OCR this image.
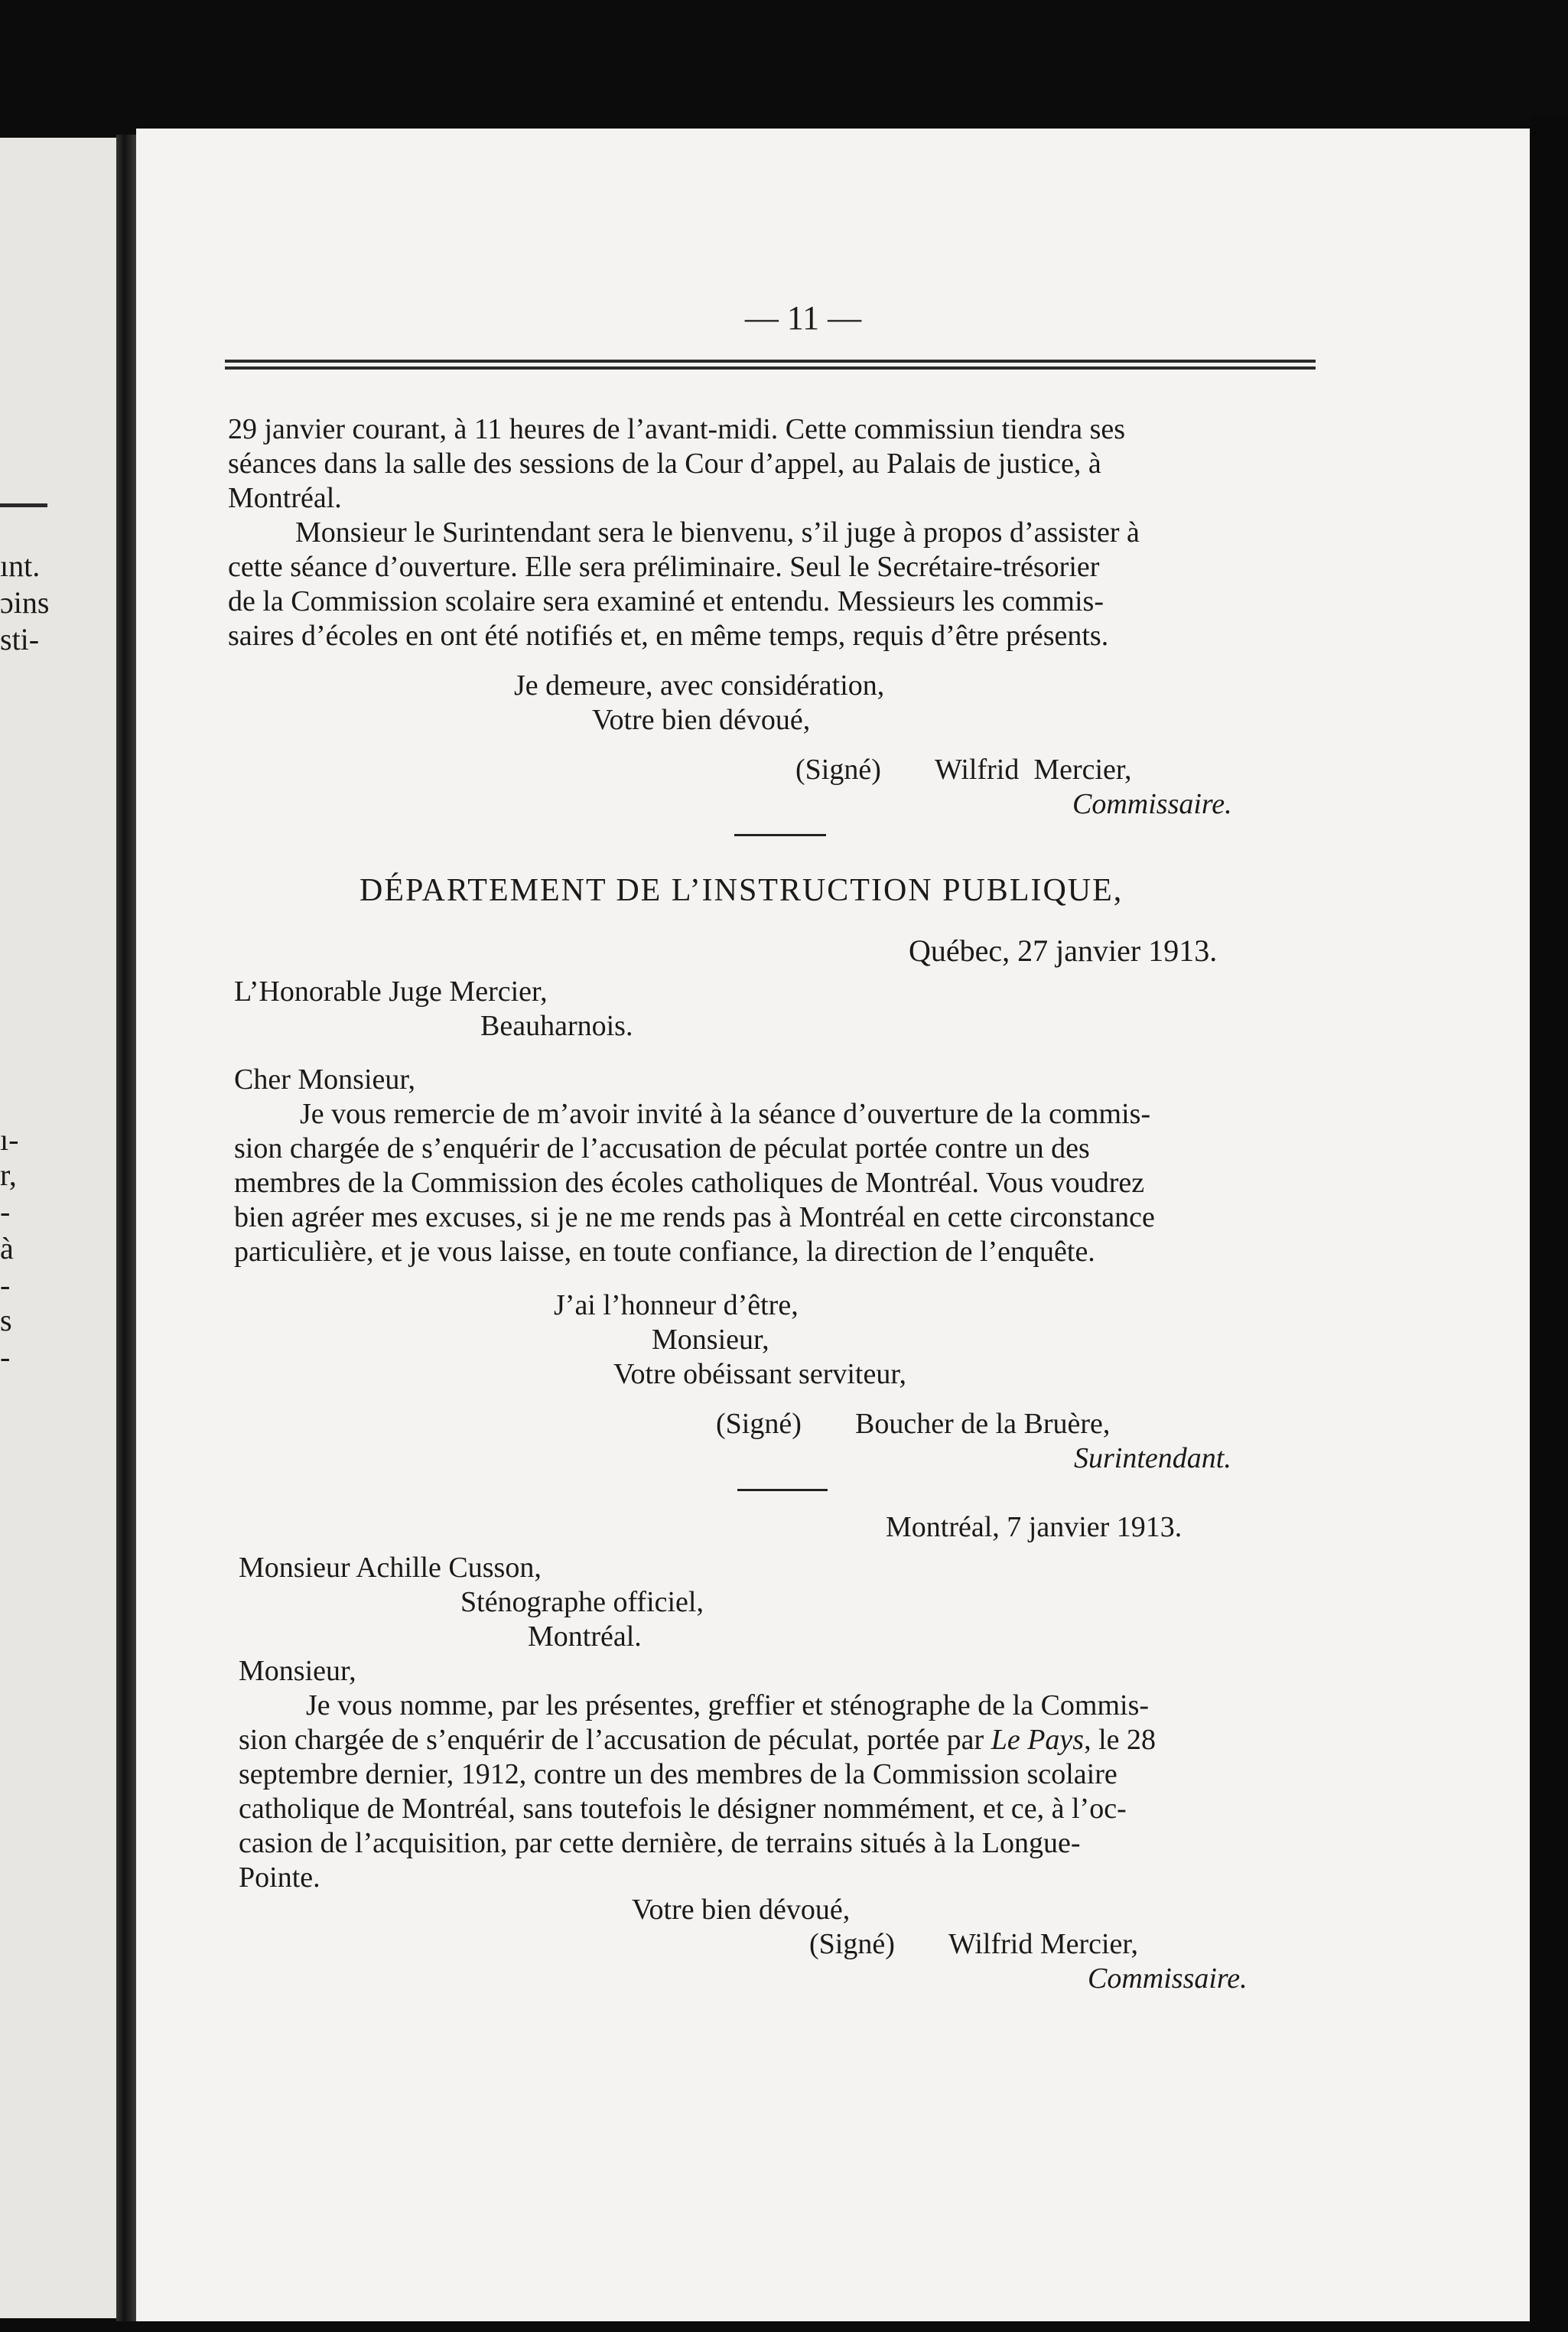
ınt.
ɔins
sti-
ı-
r,
-
à
-
s
-
— 11 —
29 janvier courant, à 11 heures de l’avant-midi. Cette commissiun tiendra ses
séances dans la salle des sessions de la Cour d’appel, au Palais de justice, à
Montréal.
Monsieur le Surintendant sera le bienvenu, s’il juge à propos d’assister à
cette séance d’ouverture. Elle sera préliminaire. Seul le Secrétaire-trésorier
de la Commission scolaire sera examiné et entendu. Messieurs les commis-
saires d’écoles en ont été notifiés et, en même temps, requis d’être présents.
Je demeure, avec considération,
Votre bien dévoué,
(Signé) Wilfrid Mercier,
Commissaire.
DÉPARTEMENT DE L’INSTRUCTION PUBLIQUE,
Québec, 27 janvier 1913.
L’Honorable Juge Mercier,
Beauharnois.
Cher Monsieur,
Je vous remercie de m’avoir invité à la séance d’ouverture de la commis-
sion chargée de s’enquérir de l’accusation de péculat portée contre un des
membres de la Commission des écoles catholiques de Montréal. Vous voudrez
bien agréer mes excuses, si je ne me rends pas à Montréal en cette circonstance
particulière, et je vous laisse, en toute confiance, la direction de l’enquête.
J’ai l’honneur d’être,
Monsieur,
Votre obéissant serviteur,
(Signé) Boucher de la Bruère,
Surintendant.
Montréal, 7 janvier 1913.
Monsieur Achille Cusson,
Sténographe officiel,
Montréal.
Monsieur,
Je vous nomme, par les présentes, greffier et sténographe de la Commis-
sion chargée de s’enquérir de l’accusation de péculat, portée par Le Pays, le 28
septembre dernier, 1912, contre un des membres de la Commission scolaire
catholique de Montréal, sans toutefois le désigner nommément, et ce, à l’oc-
casion de l’acquisition, par cette dernière, de terrains situés à la Longue-
Pointe.
Votre bien dévoué,
(Signé) Wilfrid Mercier,
Commissaire.
